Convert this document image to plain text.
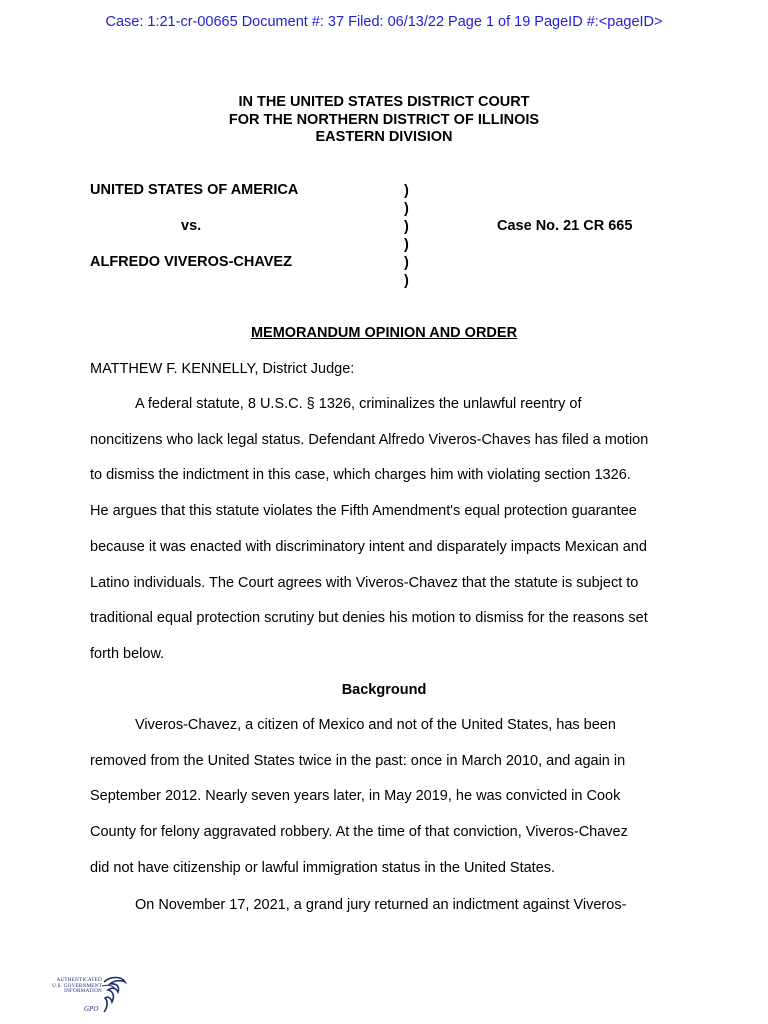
Case: 1:21-cr-00665 Document #: 37 Filed: 06/13/22 Page 1 of 19 PageID #:<pageID>
IN THE UNITED STATES DISTRICT COURT
FOR THE NORTHERN DISTRICT OF ILLINOIS
EASTERN DIVISION
UNITED STATES OF AMERICA
vs.
ALFREDO VIVEROS-CHAVEZ
)
)
)
)
)
)
Case No. 21 CR 665
MEMORANDUM OPINION AND ORDER
MATTHEW F. KENNELLY, District Judge:
A federal statute, 8 U.S.C. § 1326, criminalizes the unlawful reentry of
noncitizens who lack legal status. Defendant Alfredo Viveros-Chaves has filed a motion
to dismiss the indictment in this case, which charges him with violating section 1326.
He argues that this statute violates the Fifth Amendment's equal protection guarantee
because it was enacted with discriminatory intent and disparately impacts Mexican and
Latino individuals. The Court agrees with Viveros-Chavez that the statute is subject to
traditional equal protection scrutiny but denies his motion to dismiss for the reasons set
forth below.
Background
Viveros-Chavez, a citizen of Mexico and not of the United States, has been
removed from the United States twice in the past: once in March 2010, and again in
September 2012. Nearly seven years later, in May 2019, he was convicted in Cook
County for felony aggravated robbery. At the time of that conviction, Viveros-Chavez
did not have citizenship or lawful immigration status in the United States.
On November 17, 2021, a grand jury returned an indictment against Viveros-
AUTHENTICATED
U.S. GOVERNMENT
INFORMATION
GPO
